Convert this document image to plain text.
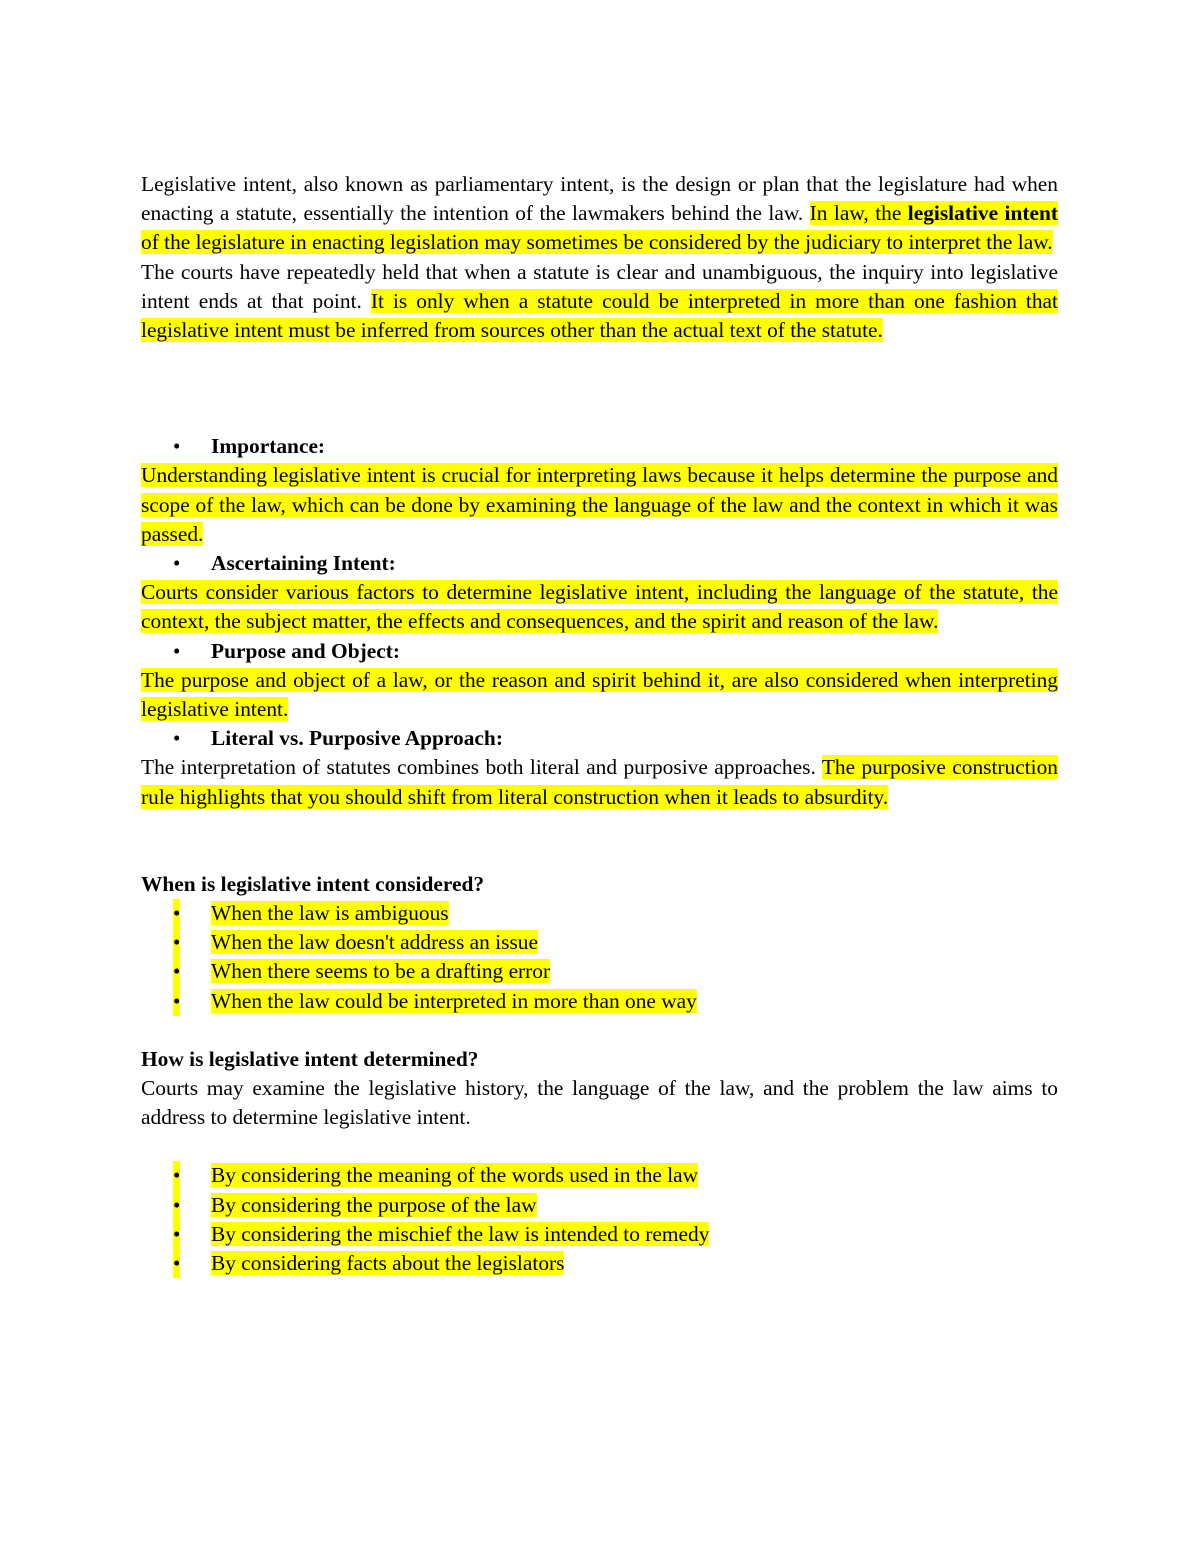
Legislative intent, also known as parliamentary intent, is the design or plan that the legislature had when enacting a statute, essentially the intention of the lawmakers behind the law. In law, the legislative intent of the legislature in enacting legislation may sometimes be considered by the judiciary to interpret the law.

The courts have repeatedly held that when a statute is clear and unambiguous, the inquiry into legislative intent ends at that point. It is only when a statute could be interpreted in more than one fashion that legislative intent must be inferred from sources other than the actual text of the statute.

• Importance:

Understanding legislative intent is crucial for interpreting laws because it helps determine the purpose and scope of the law, which can be done by examining the language of the law and the context in which it was passed.

• Ascertaining Intent:

Courts consider various factors to determine legislative intent, including the language of the statute, the context, the subject matter, the effects and consequences, and the spirit and reason of the law.

• Purpose and Object:

The purpose and object of a law, or the reason and spirit behind it, are also considered when interpreting legislative intent.

• Literal vs. Purposive Approach:

The interpretation of statutes combines both literal and purposive approaches. The purposive construction rule highlights that you should shift from literal construction when it leads to absurdity.

When is legislative intent considered?

• When the law is ambiguous
• When the law doesn't address an issue
• When there seems to be a drafting error
• When the law could be interpreted in more than one way

How is legislative intent determined?

Courts may examine the legislative history, the language of the law, and the problem the law aims to address to determine legislative intent.

• By considering the meaning of the words used in the law
• By considering the purpose of the law
• By considering the mischief the law is intended to remedy
• By considering facts about the legislators
